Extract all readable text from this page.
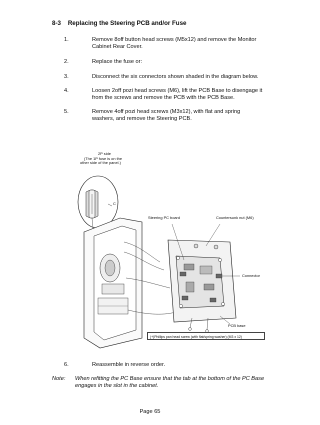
8-3 Replacing the Steering PCB and/or Fuse
1.	Remove 8off button head screws (M5x12) and remove the Monitor Cabinet Rear Cover.
2.	Replace the fuse or:
3.	Disconnect the six connectors shown shaded in the diagram below.
4.	Loosen 2off pozi head screws (M6), lift the PCB Base to disengage it from the screws and remove the PCB with the PCB Base.
5.	Remove 4off pozi head screws (M3x12), with flat and spring washers, and remove the Steering PCB.
2P side
(The 1P fuse is on the
other side of the panel.)
C
Steering PC board	Countersunk nut (M6)
Connector
PCB base
(+)Phillips pan head screw (with flat/spring washer) (M3 x 12)
6.	Reassemble in reverse order.
Note: When refitting the PC Base ensure that the tab at the bottom of the PC Base engages in the slot in the cabinet.
Page 65
